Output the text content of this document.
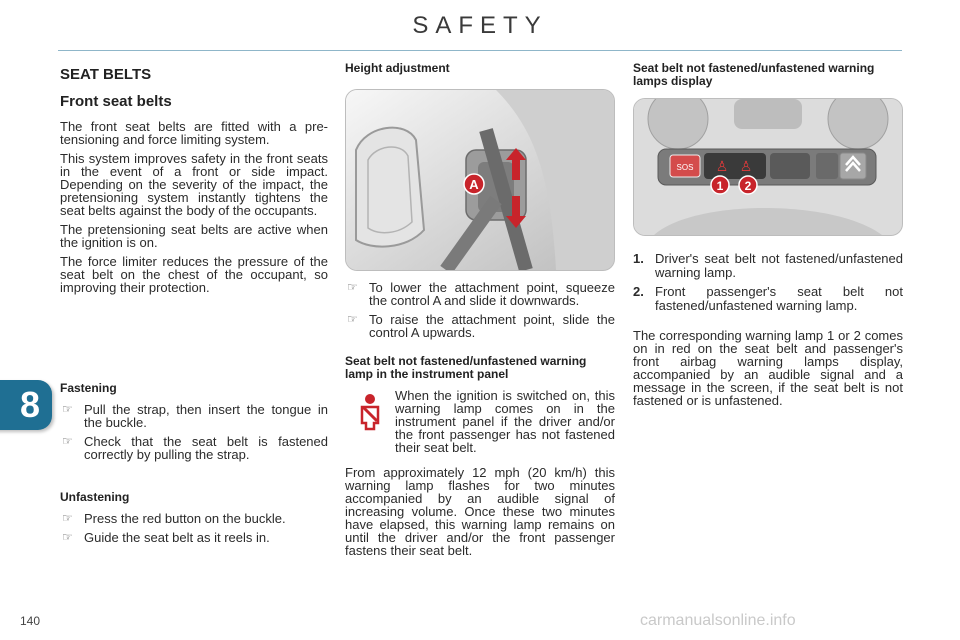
SAFETY
8
SEAT BELTS
Front seat belts

The front seat belts are fitted with a pre-tensioning and force limiting system.

This system improves safety in the front seats in the event of a front or side impact. Depending on the severity of the impact, the pretensioning system instantly tightens the seat belts against the body of the occupants.

The pretensioning seat belts are active when the ignition is on.

The force limiter reduces the pressure of the seat belt on the chest of the occupant, so improving their protection.

Fastening
☞ Pull the strap, then insert the tongue in the buckle.
☞ Check that the seat belt is fastened correctly by pulling the strap.
Unfastening
☞ Press the red button on the buckle.
☞ Guide the seat belt as it reels in.
Height adjustment
A
☞ To lower the attachment point, squeeze the control A and slide it downwards.
☞ To raise the attachment point, slide the control A upwards.
Seat belt not fastened/unfastened warning lamp in the instrument panel
When the ignition is switched on, this warning lamp comes on in the instrument panel if the driver and/or the front passenger has not fastened their seat belt.

From approximately 12 mph (20 km/h) this warning lamp flashes for two minutes accompanied by an audible signal of increasing volume. Once these two minutes have elapsed, this warning lamp remains on until the driver and/or the front passenger fastens their seat belt.

Seat belt not fastened/unfastened warning lamps display
SOS ♙ ♙
1 2
1. Driver's seat belt not fastened/unfastened warning lamp.
2. Front passenger's seat belt not fastened/unfastened warning lamp.

The corresponding warning lamp 1 or 2 comes on in red on the seat belt and passenger's front airbag warning lamps display, accompanied by an audible signal and a message in the screen, if the seat belt is not fastened or is unfastened.

140	carmanualsonline.info
